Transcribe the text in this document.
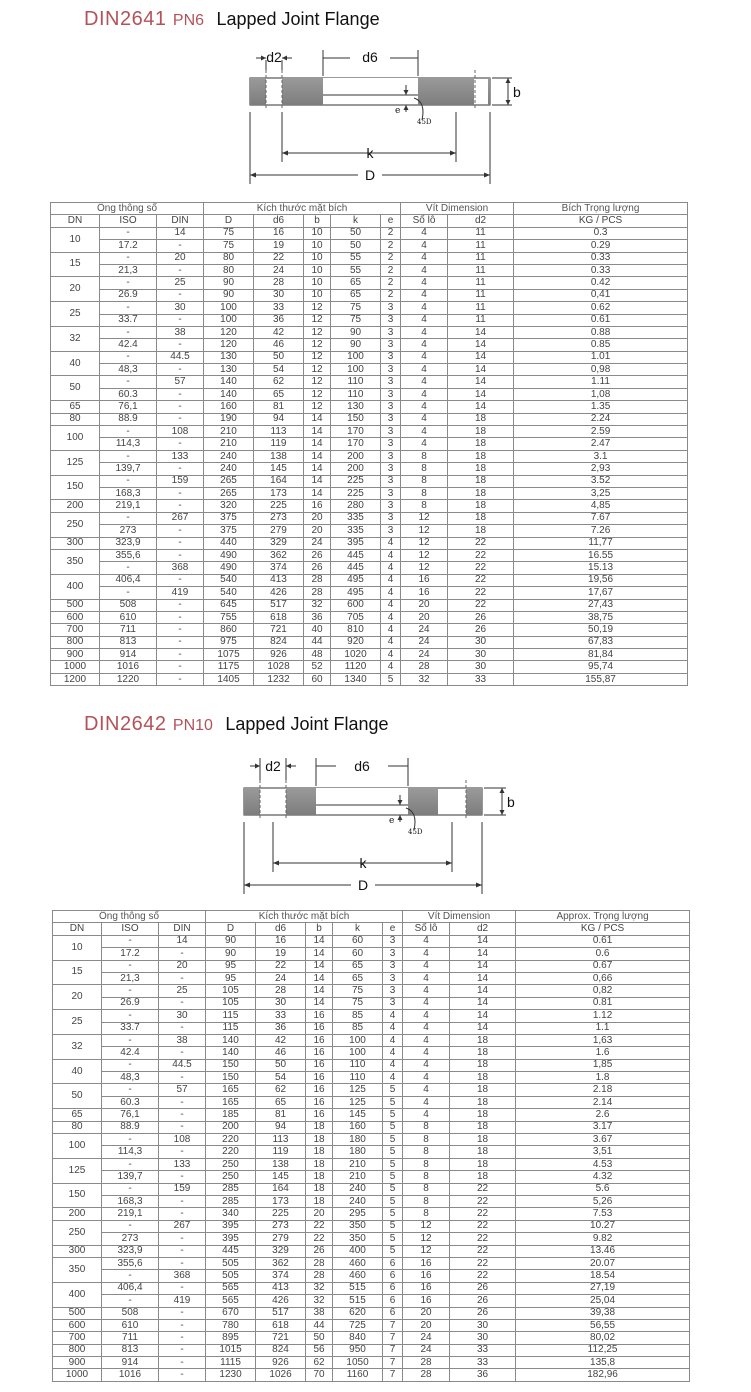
DIN2641 PN6 Lapped Joint Flange
d2	d6
b
e
45D
k
D
Ống thông số			Kích thước mặt bích					Vít Dimension		Bích Trọng lượng
DN	ISO	DIN	D	d6	b	k	e	Số lỗ	d2	KG / PCS
10	-	14	75	16	10	50	2	4	11	0.3
	17.2	-	75	19	10	50	2	4	11	0.29
15	-	20	80	22	10	55	2	4	11	0.33
	21,3	-	80	24	10	55	2	4	11	0.33
20	-	25	90	28	10	65	2	4	11	0.42
	26.9	-	90	30	10	65	2	4	11	0,41
25	-	30	100	33	12	75	3	4	11	0.62
	33.7	-	100	36	12	75	3	4	11	0.61
32	-	38	120	42	12	90	3	4	14	0.88
	42.4	-	120	46	12	90	3	4	14	0.85
40	-	44.5	130	50	12	100	3	4	14	1.01
	48,3	-	130	54	12	100	3	4	14	0,98
50	-	57	140	62	12	110	3	4	14	1.11
	60.3	-	140	65	12	110	3	4	14	1,08
65	76,1	-	160	81	12	130	3	4	14	1.35
80	88.9	-	190	94	14	150	3	4	18	2.24
100	-	108	210	113	14	170	3	4	18	2.59
	114,3	-	210	119	14	170	3	4	18	2.47
125	-	133	240	138	14	200	3	8	18	3.1
	139,7	-	240	145	14	200	3	8	18	2,93
150	-	159	265	164	14	225	3	8	18	3.52
	168,3	-	265	173	14	225	3	8	18	3,25
200	219,1	-	320	225	16	280	3	8	18	4,85
250	-	267	375	273	20	335	3	12	18	7.67
	273	-	375	279	20	335	3	12	18	7.26
300	323,9	-	440	329	24	395	4	12	22	11,77
350	355,6	-	490	362	26	445	4	12	22	16.55
	-	368	490	374	26	445	4	12	22	15.13
400	406,4	-	540	413	28	495	4	16	22	19,56
	-	419	540	426	28	495	4	16	22	17,67
500	508	-	645	517	32	600	4	20	22	27,43
600	610	-	755	618	36	705	4	20	26	38,75
700	711	-	860	721	40	810	4	24	26	50,19
800	813	-	975	824	44	920	4	24	30	67,83
900	914	-	1075	926	48	1020	4	24	30	81,84
1000	1016	-	1175	1028	52	1120	4	28	30	95,74
1200	1220	-	1405	1232	60	1340	5	32	33	155,87
DIN2642 PN10 Lapped Joint Flange
d2	d6
b
e
45D
k
D
Ống thông số			Kích thước mặt bích					Vít Dimension		Approx. Trọng lượng
DN	ISO	DIN	D	d6	b	k	e	Số lỗ	d2	KG / PCS
10	-	14	90	16	14	60	3	4	14	0.61
	17.2	-	90	19	14	60	3	4	14	0.6
15	-	20	95	22	14	65	3	4	14	0.67
	21,3	-	95	24	14	65	3	4	14	0,66
20	-	25	105	28	14	75	3	4	14	0,82
	26.9	-	105	30	14	75	3	4	14	0.81
25	-	30	115	33	16	85	4	4	14	1.12
	33.7	-	115	36	16	85	4	4	14	1.1
32	-	38	140	42	16	100	4	4	18	1,63
	42.4	-	140	46	16	100	4	4	18	1.6
40	-	44.5	150	50	16	110	4	4	18	1,85
	48,3	-	150	54	16	110	4	4	18	1.8
50	-	57	165	62	16	125	5	4	18	2.18
	60.3	-	165	65	16	125	5	4	18	2.14
65	76,1	-	185	81	16	145	5	4	18	2.6
80	88.9	-	200	94	18	160	5	8	18	3.17
100	-	108	220	113	18	180	5	8	18	3.67
	114,3	-	220	119	18	180	5	8	18	3,51
125	-	133	250	138	18	210	5	8	18	4.53
	139,7	-	250	145	18	210	5	8	18	4.32
150	-	159	285	164	18	240	5	8	22	5.6
	168,3	-	285	173	18	240	5	8	22	5,26
200	219,1	-	340	225	20	295	5	8	22	7.53
250	-	267	395	273	22	350	5	12	22	10.27
	273	-	395	279	22	350	5	12	22	9.82
300	323,9	-	445	329	26	400	5	12	22	13.46
350	355,6	-	505	362	28	460	6	16	22	20.07
	-	368	505	374	28	460	6	16	22	18.54
400	406,4	-	565	413	32	515	6	16	26	27,19
	-	419	565	426	32	515	6	16	26	25,04
500	508	-	670	517	38	620	6	20	26	39,38
600	610	-	780	618	44	725	7	20	30	56,55
700	711	-	895	721	50	840	7	24	30	80,02
800	813	-	1015	824	56	950	7	24	33	112,25
900	914	-	1115	926	62	1050	7	28	33	135,8
1000	1016	-	1230	1026	70	1160	7	28	36	182,96
